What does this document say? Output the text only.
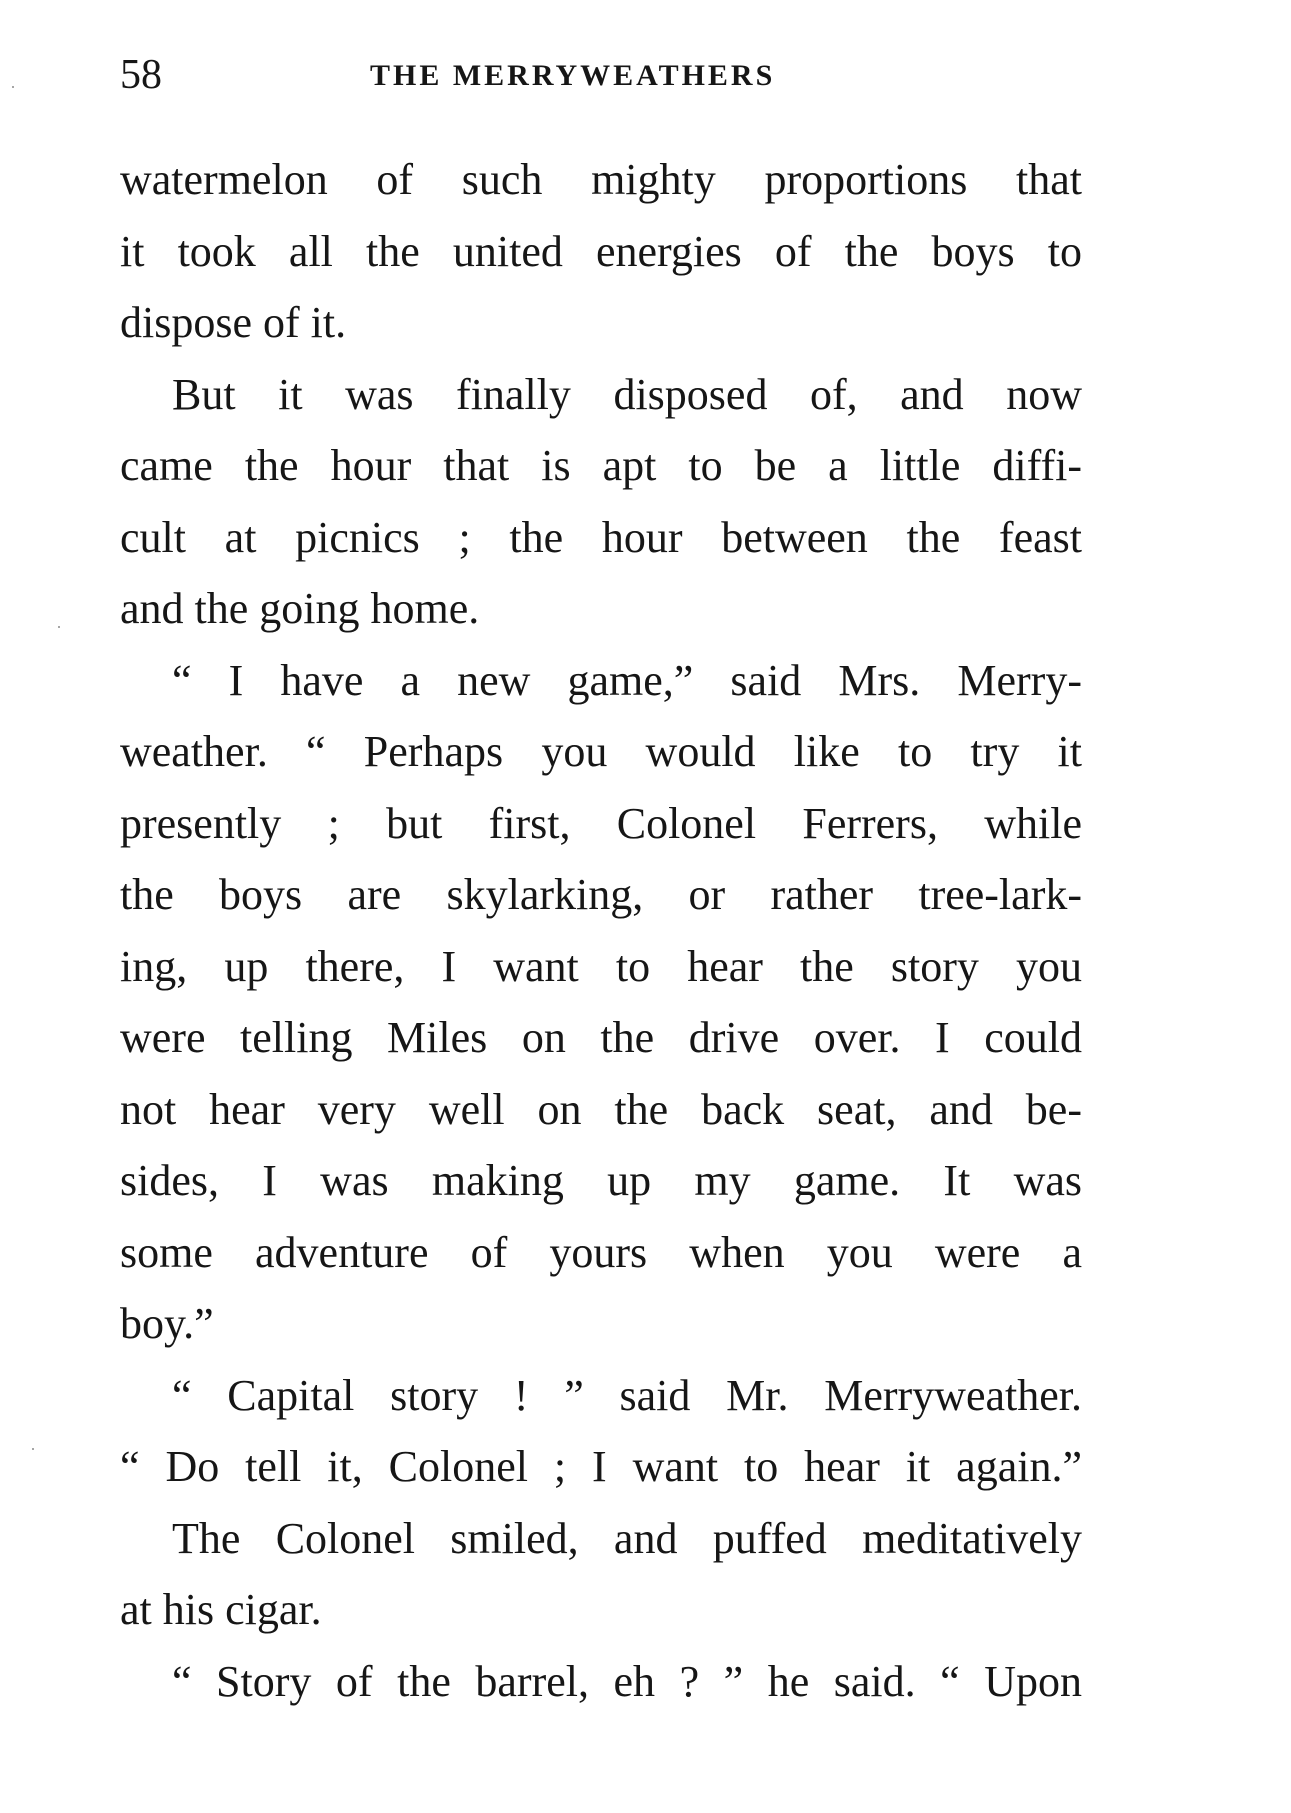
58	THE MERRYWEATHERS
watermelon of such mighty proportions that
it took all the united energies of the boys to
dispose of it.
But it was finally disposed of, and now
came the hour that is apt to be a little diffi-
cult at picnics ; the hour between the feast
and the going home.
“ I have a new game,” said Mrs. Merry-
weather. “ Perhaps you would like to try it
presently ; but first, Colonel Ferrers, while
the boys are skylarking, or rather tree-lark-
ing, up there, I want to hear the story you
were telling Miles on the drive over. I could
not hear very well on the back seat, and be-
sides, I was making up my game. It was
some adventure of yours when you were a
boy.”
“ Capital story ! ” said Mr. Merryweather.
“ Do tell it, Colonel ; I want to hear it again.”
The Colonel smiled, and puffed meditatively
at his cigar.
“ Story of the barrel, eh ? ” he said. “ Upon
